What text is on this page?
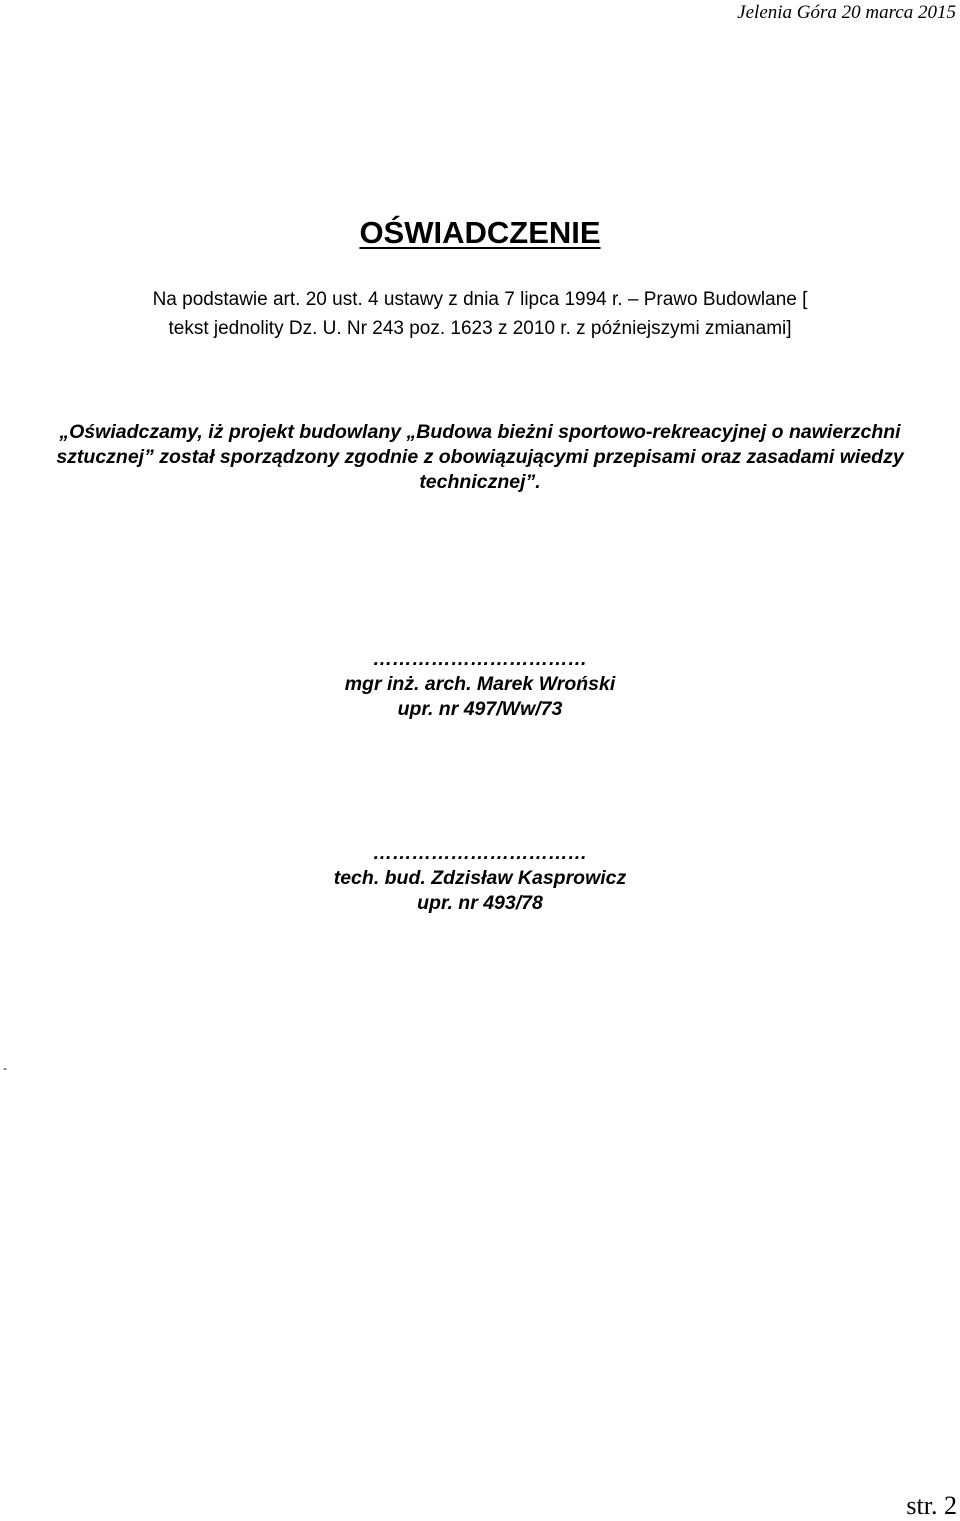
Jelenia Góra 20 marca 2015
OŚWIADCZENIE
Na podstawie art. 20 ust. 4 ustawy z dnia 7 lipca 1994 r. – Prawo Budowlane [
tekst jednolity Dz. U. Nr 243 poz. 1623 z 2010 r. z późniejszymi zmianami]
„Oświadczamy, iż projekt budowlany „Budowa bieżni sportowo-rekreacyjnej o nawierzchni
sztucznej” został sporządzony zgodnie z obowiązującymi przepisami oraz zasadami wiedzy
technicznej”.
……………………………
mgr inż. arch. Marek Wroński
upr. nr 497/Ww/73
……………………………
tech. bud. Zdzisław Kasprowicz
upr. nr 493/78
-
str. 2
